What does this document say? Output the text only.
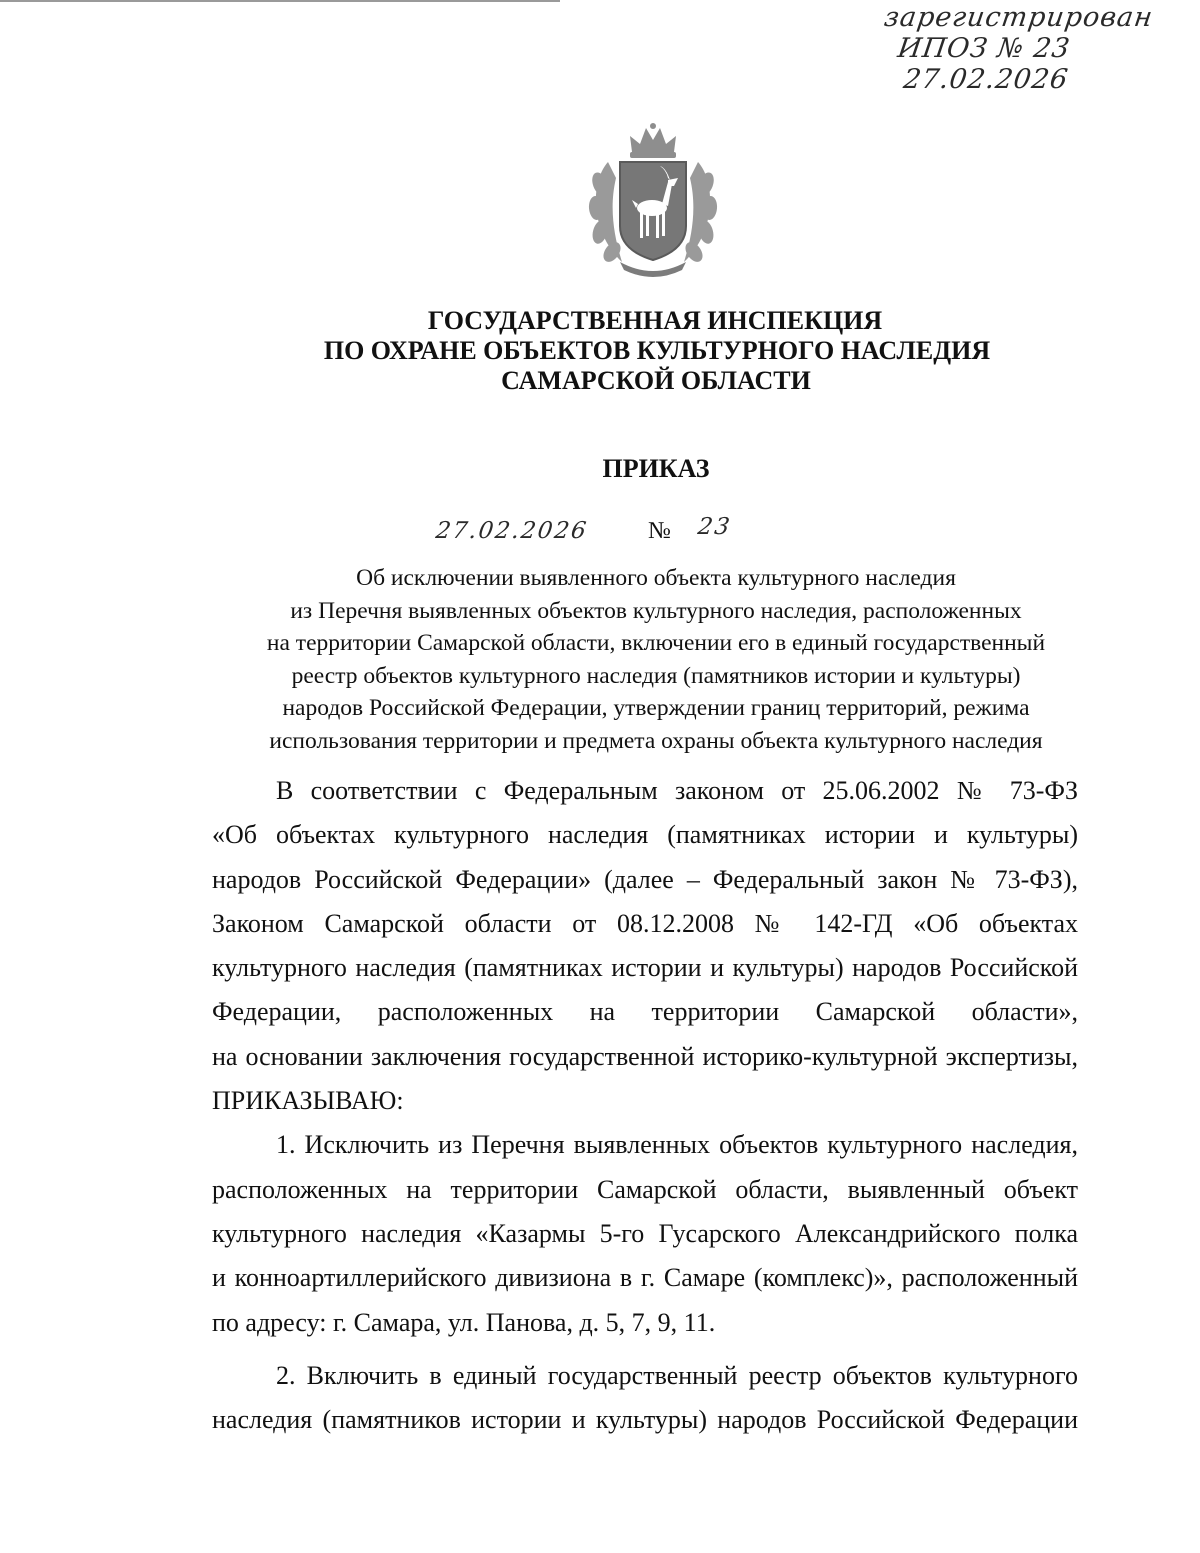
зарегистрирован
ИПОЗ № 23
27.02.2026
ГОСУДАРСТВЕННАЯ ИНСПЕКЦИЯ
ПО ОХРАНЕ ОБЪЕКТОВ КУЛЬТУРНОГО НАСЛЕДИЯ
САМАРСКОЙ ОБЛАСТИ
ПРИКАЗ
27.02.2026 № 23
Об исключении выявленного объекта культурного наследия
из Перечня выявленных объектов культурного наследия, расположенных
на территории Самарской области, включении его в единый государственный
реестр объектов культурного наследия (памятников истории и культуры)
народов Российской Федерации, утверждении границ территорий, режима
использования территории и предмета охраны объекта культурного наследия
В соответствии с Федеральным законом от 25.06.2002 № 73-ФЗ
«Об объектах культурного наследия (памятниках истории и культуры)
народов Российской Федерации» (далее – Федеральный закон № 73-ФЗ),
Законом Самарской области от 08.12.2008 № 142-ГД «Об объектах
культурного наследия (памятниках истории и культуры) народов Российской
Федерации, расположенных на территории Самарской области»,
на основании заключения государственной историко-культурной экспертизы,
ПРИКАЗЫВАЮ:
1. Исключить из Перечня выявленных объектов культурного наследия,
расположенных на территории Самарской области, выявленный объект
культурного наследия «Казармы 5-го Гусарского Александрийского полка
и конноартиллерийского дивизиона в г. Самаре (комплекс)», расположенный
по адресу: г. Самара, ул. Панова, д. 5, 7, 9, 11.
2. Включить в единый государственный реестр объектов культурного
наследия (памятников истории и культуры) народов Российской Федерации
